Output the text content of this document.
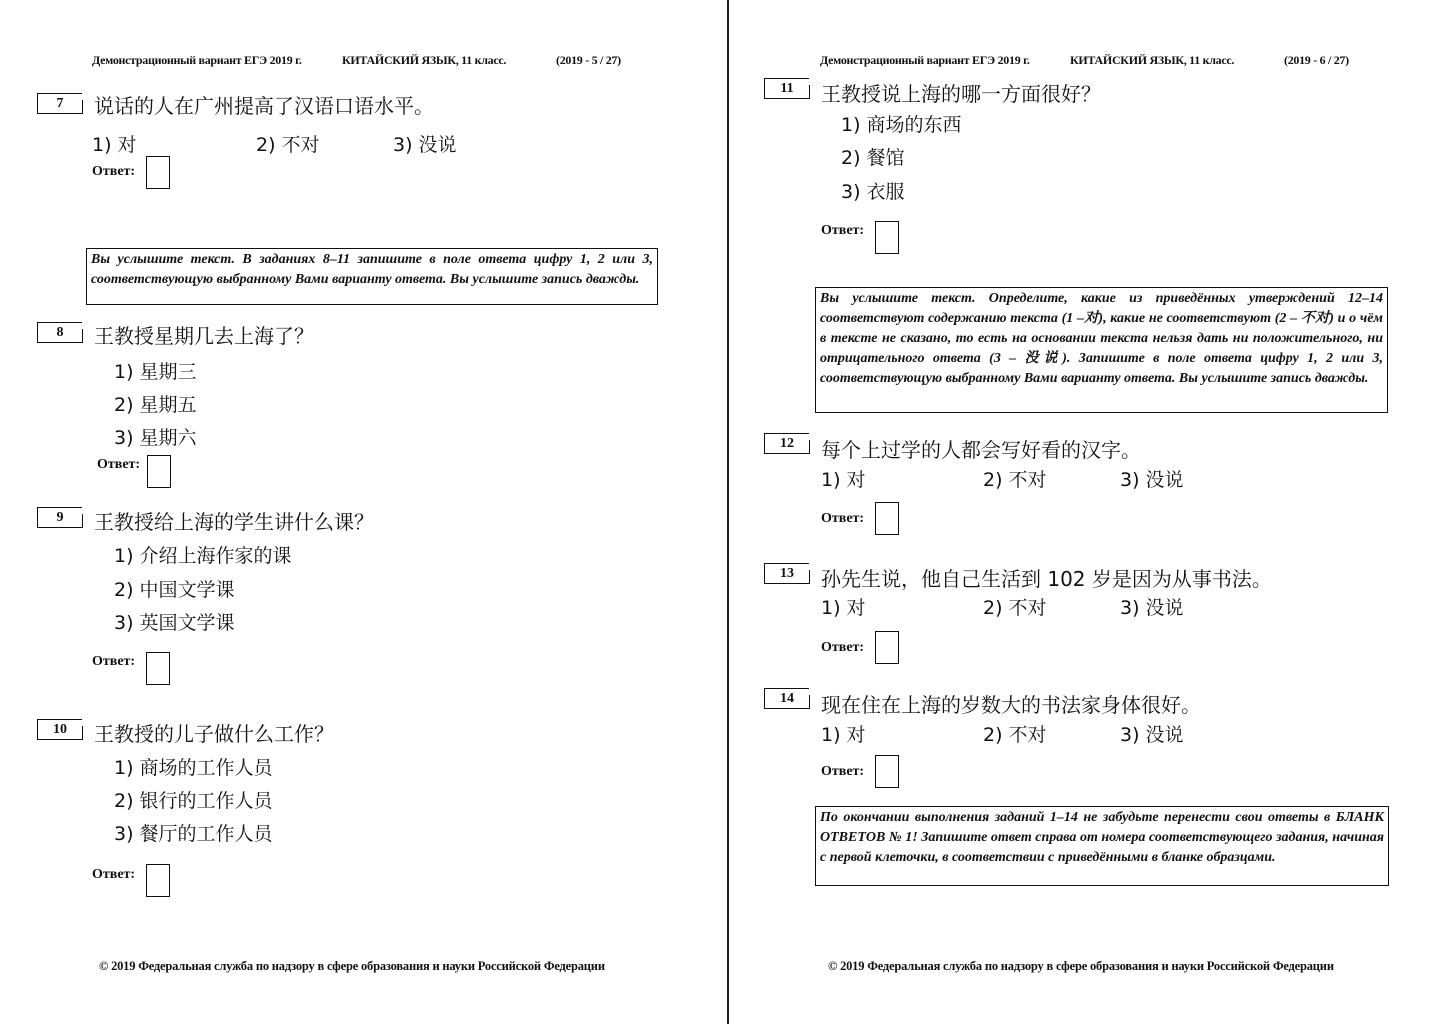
Демонстрационный вариант ЕГЭ 2019 г.	КИТАЙСКИЙ ЯЗЫК, 11 класс.	(2019 - 5 / 27)
7	说话的人在广州提高了汉语口语水平。
1) 对	2) 不对	3) 没说
Ответ:
Вы услышите текст. В заданиях 8–11 запишите в поле ответа цифру 1, 2 или 3, соответствующую выбранному Вами варианту ответа. Вы услышите запись дважды.
8	王教授星期几去上海了？
1) 星期三
2) 星期五
3) 星期六
Ответ:
9	王教授给上海的学生讲什么课？
1) 介绍上海作家的课
2) 中国文学课
3) 英国文学课
Ответ:
10	王教授的儿子做什么工作？
1) 商场的工作人员
2) 银行的工作人员
3) 餐厅的工作人员
Ответ:
© 2019 Федеральная служба по надзору в сфере образования и науки Российской Федерации
Демонстрационный вариант ЕГЭ 2019 г.	КИТАЙСКИЙ ЯЗЫК, 11 класс.	(2019 - 6 / 27)
11	王教授说上海的哪一方面很好？
1) 商场的东西
2) 餐馆
3) 衣服
Ответ:
Вы услышите текст. Определите, какие из приведённых утверждений 12–14 соответствуют содержанию текста (1 –对), какие не соответствуют (2 – 不对) и о чём в тексте не сказано, то есть на основании текста нельзя дать ни положительного, ни отрицательного ответа (3 – 没说). Запишите в поле ответа цифру 1, 2 или 3, соответствующую выбранному Вами варианту ответа. Вы услышите запись дважды.
12	每个上过学的人都会写好看的汉字。
1) 对	2) 不对	3) 没说
Ответ:
13	孙先生说，他自己生活到 102 岁是因为从事书法。
1) 对	2) 不对	3) 没说
Ответ:
14	现在住在上海的岁数大的书法家身体很好。
1) 对	2) 不对	3) 没说
Ответ:
По окончании выполнения заданий 1–14 не забудьте перенести свои ответы в БЛАНК ОТВЕТОВ № 1! Запишите ответ справа от номера соответствующего задания, начиная с первой клеточки, в соответствии с приведёнными в бланке образцами.
© 2019 Федеральная служба по надзору в сфере образования и науки Российской Федерации
